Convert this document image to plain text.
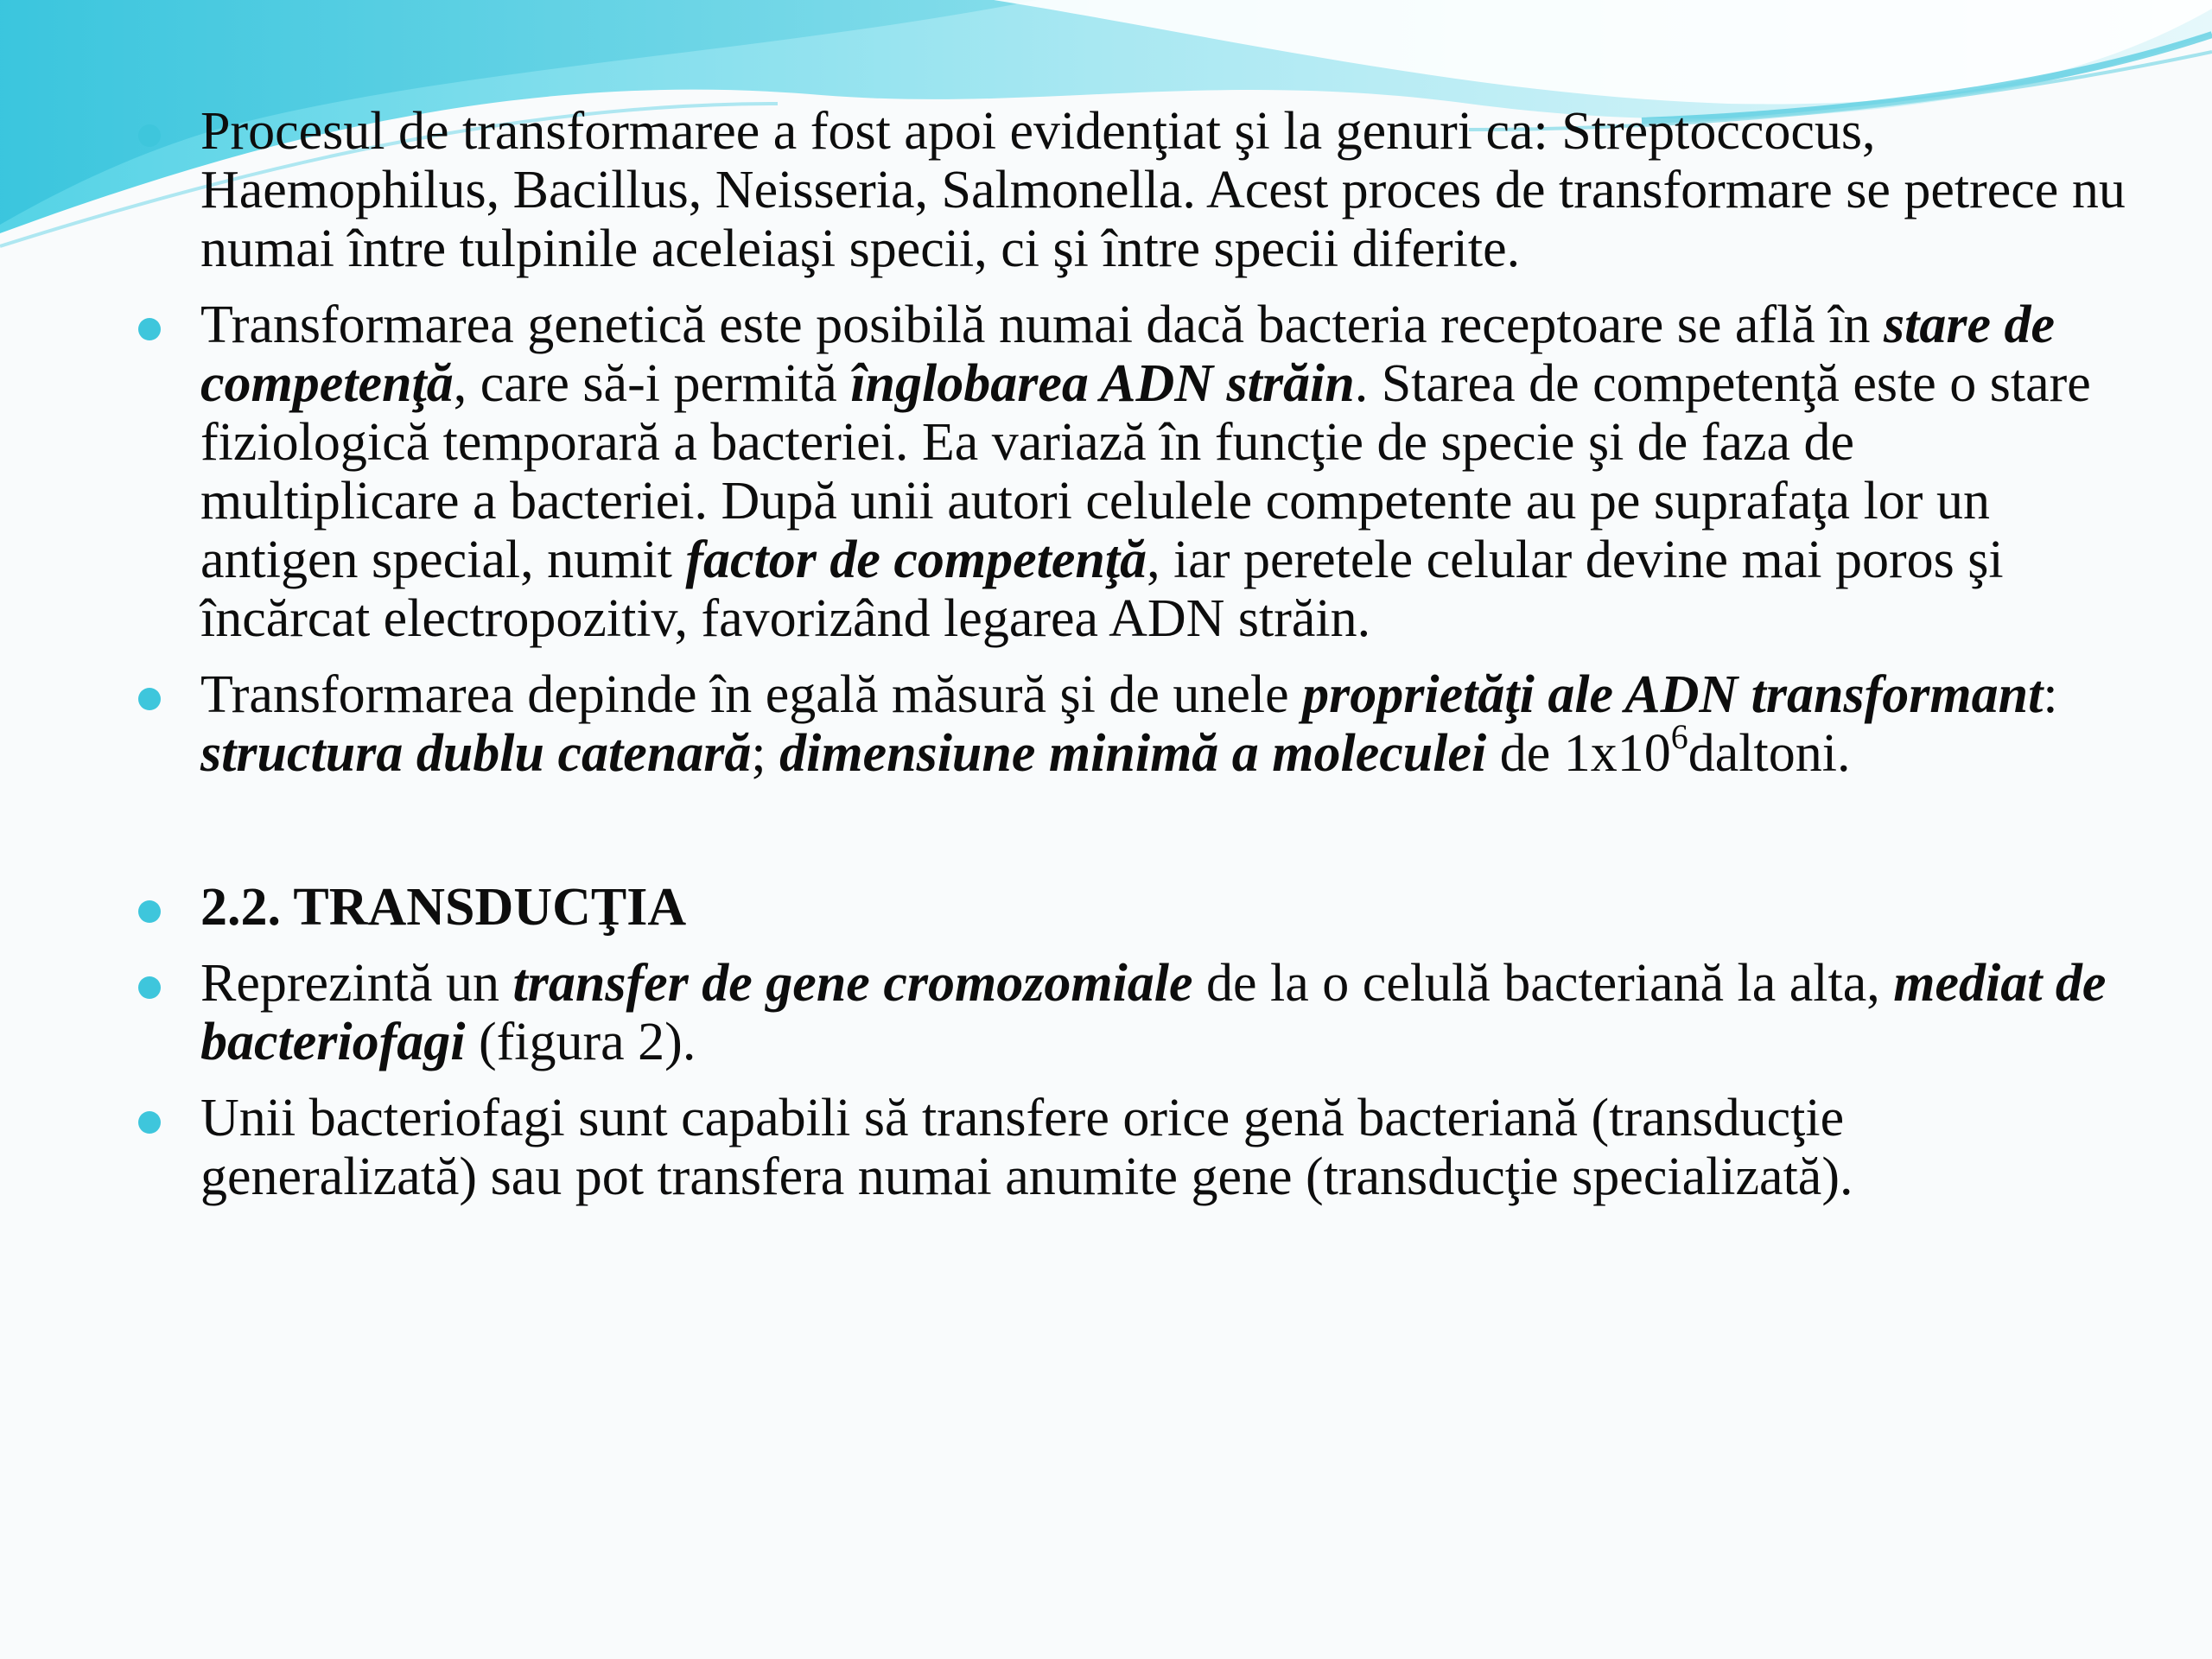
Procesul de transformaree a fost apoi evidenţiat şi la genuri ca: Streptoccocus, Haemophilus, Bacillus, Neisseria, Salmonella. Acest proces de transformare se petrece nu numai între tulpinile aceleiaşi specii, ci şi între specii diferite.
Transformarea genetică este posibilă numai dacă bacteria receptoare se află în stare de competenţă, care să-i permită înglobarea ADN străin. Starea de competenţă este o stare fiziologică temporară a bacteriei. Ea variază în funcţie de specie şi de faza de multiplicare a bacteriei. După unii autori celulele competente au pe suprafaţa lor un antigen special, numit factor de competenţă, iar peretele celular devine mai poros şi încărcat electropozitiv, favorizând legarea ADN străin.
Transformarea depinde în egală măsură şi de unele proprietăţi ale ADN transformant: structura dublu catenară; dimensiune minimă a moleculei de $1x10^6daltoni$.
2.2. TRANSDUCŢIA
Reprezintă un transfer de gene cromozomiale de la o celulă bacteriană la alta, mediat de bacteriofagi (figura 2).
Unii bacteriofagi sunt capabili să transfere orice genă bacteriană (transducţie generalizată) sau pot transfera numai anumite gene (transducţie specializată).
